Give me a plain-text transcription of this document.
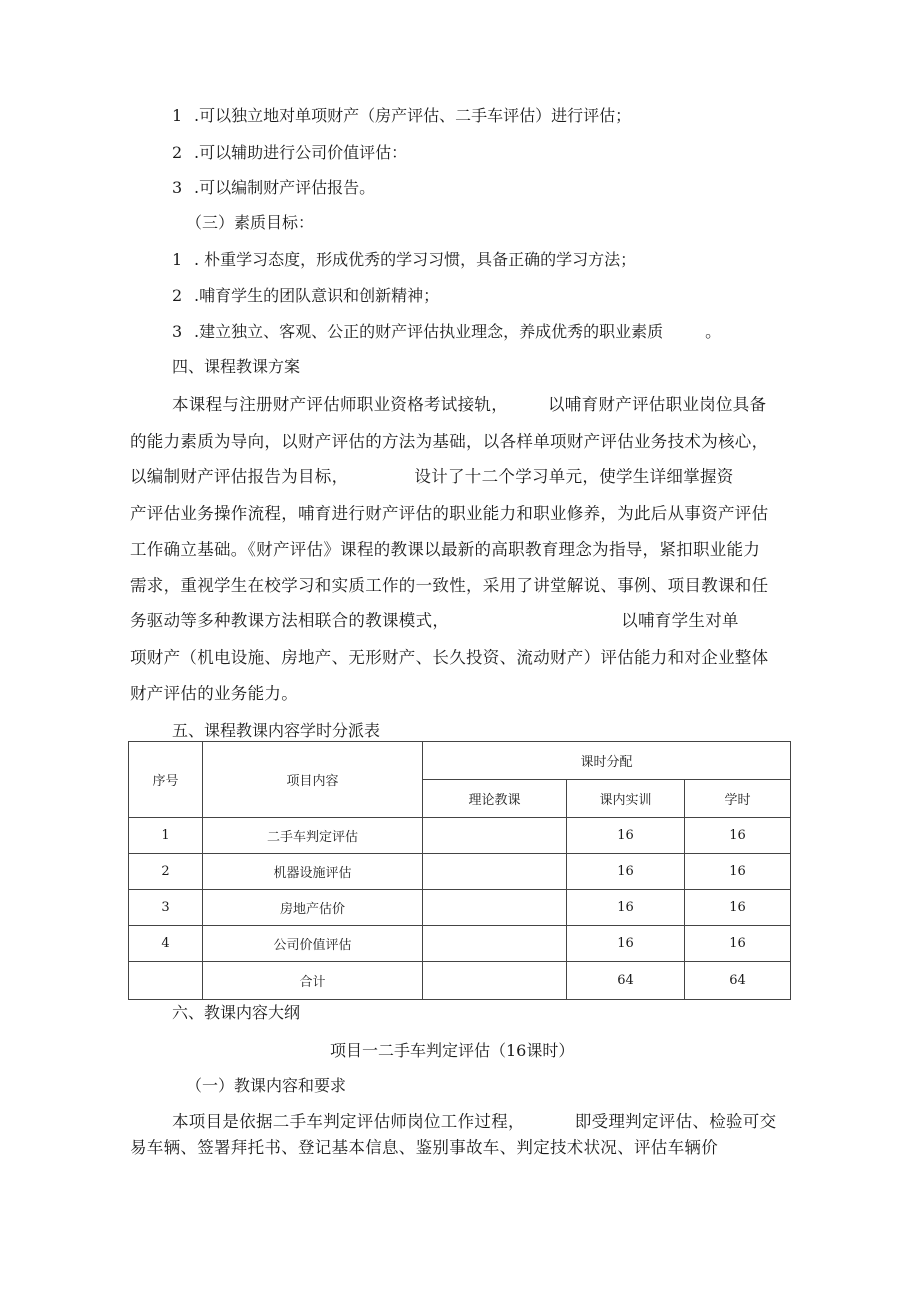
1 .可以独立地对单项财产（房产评估、二手车评估）进行评估；
2 .可以辅助进行公司价值评估：
3 .可以编制财产评估报告。
（三）素质目标：
1 . 朴重学习态度，形成优秀的学习习惯，具备正确的学习方法；
2 .哺育学生的团队意识和创新精神；
3 .建立独立、客观、公正的财产评估执业理念，养成优秀的职业素质	。
四、课程教课方案
本课程与注册财产评估师职业资格考试接轨， 以哺育财产评估职业岗位具备
的能力素质为导向，以财产评估的方法为基础，以各样单项财产评估业务技术为核心，
以编制财产评估报告为目标，	设计了十二个学习单元，使学生详细掌握资
产评估业务操作流程，哺育进行财产评估的职业能力和职业修养，为此后从事资产评估
工作确立基础。《财产评估》课程的教课以最新的高职教育理念为指导，紧扣职业能力
需求，重视学生在校学习和实质工作的一致性，采用了讲堂解说、事例、项目教课和任
务驱动等多种教课方法相联合的教课模式，	以哺育学生对单
项财产（机电设施、房地产、无形财产、长久投资、流动财产）评估能力和对企业整体
财产评估的业务能力。
五、课程教课内容学时分派表
序号	项目内容	课时分配		
		理论教课	课内实训	学时
1	二手车判定评估		16	16
2	机器设施评估		16	16
3	房地产估价		16	16
4	公司价值评估		16	16
	合计		64	64
六、教课内容大纲
项目一二手车判定评估（16课时）
（一）教课内容和要求
本项目是依据二手车判定评估师岗位工作过程，	即受理判定评估、检验可交
易车辆、签署拜托书、登记基本信息、鉴别事故车、判定技术状况、评估车辆价
